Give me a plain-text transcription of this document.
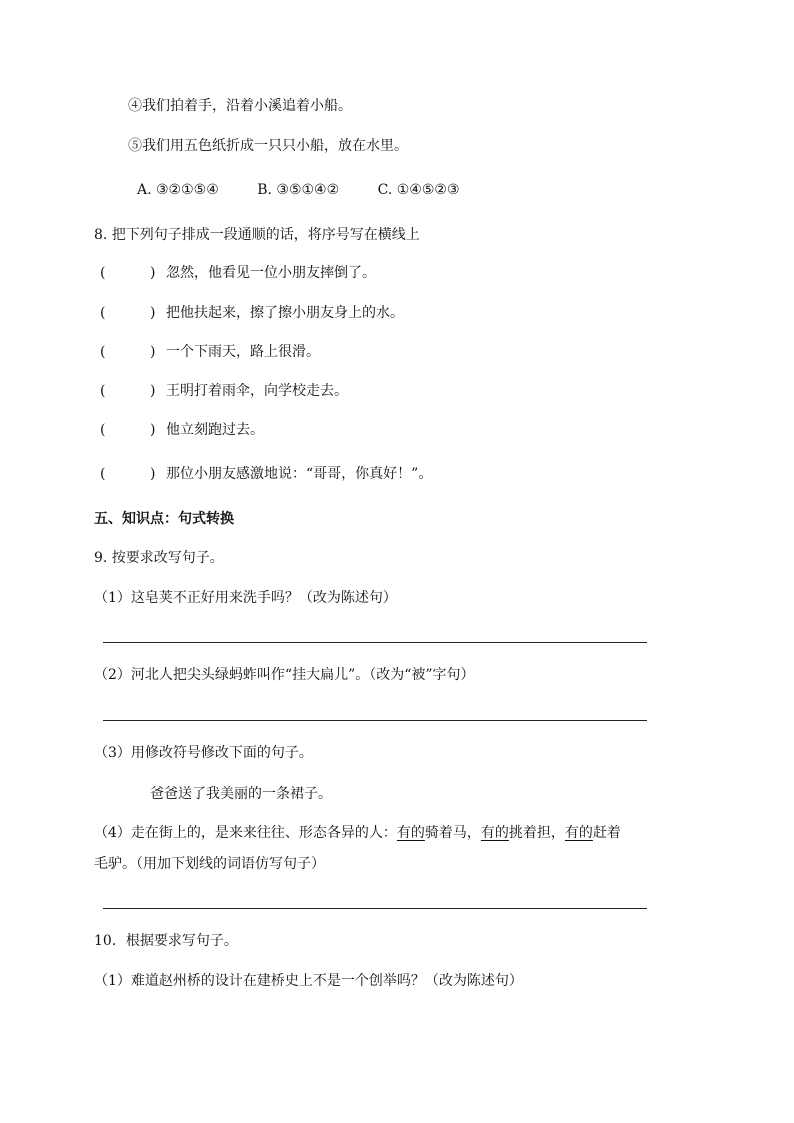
④我们拍着手，沿着小溪追着小船。
⑤我们用五色纸折成一只只小船，放在水里。
A. ③②①⑤④	B. ③⑤①④②	C. ①④⑤②③
8. 把下列句子排成一段通顺的话，将序号写在横线上
(	) 忽然，他看见一位小朋友摔倒了。
(	) 把他扶起来，擦了擦小朋友身上的水。
(	) 一个下雨天，路上很滑。
(	) 王明打着雨伞，向学校走去。
(	) 他立刻跑过去。
(	) 那位小朋友感激地说：“哥哥，你真好！”。
五、知识点：句式转换
9. 按要求改写句子。
（1）这皂荚不正好用来洗手吗？（改为陈述句）
（2）河北人把尖头绿蚂蚱叫作“挂大扁儿”。（改为“被”字句）
（3）用修改符号修改下面的句子。
爸爸送了我美丽的一条裙子。
（4）走在街上的，是来来往往、形态各异的人：有的骑着马，有的挑着担，有的赶着
毛驴。（用加下划线的词语仿写句子）
10．根据要求写句子。
（1）难道赵州桥的设计在建桥史上不是一个创举吗？（改为陈述句）
